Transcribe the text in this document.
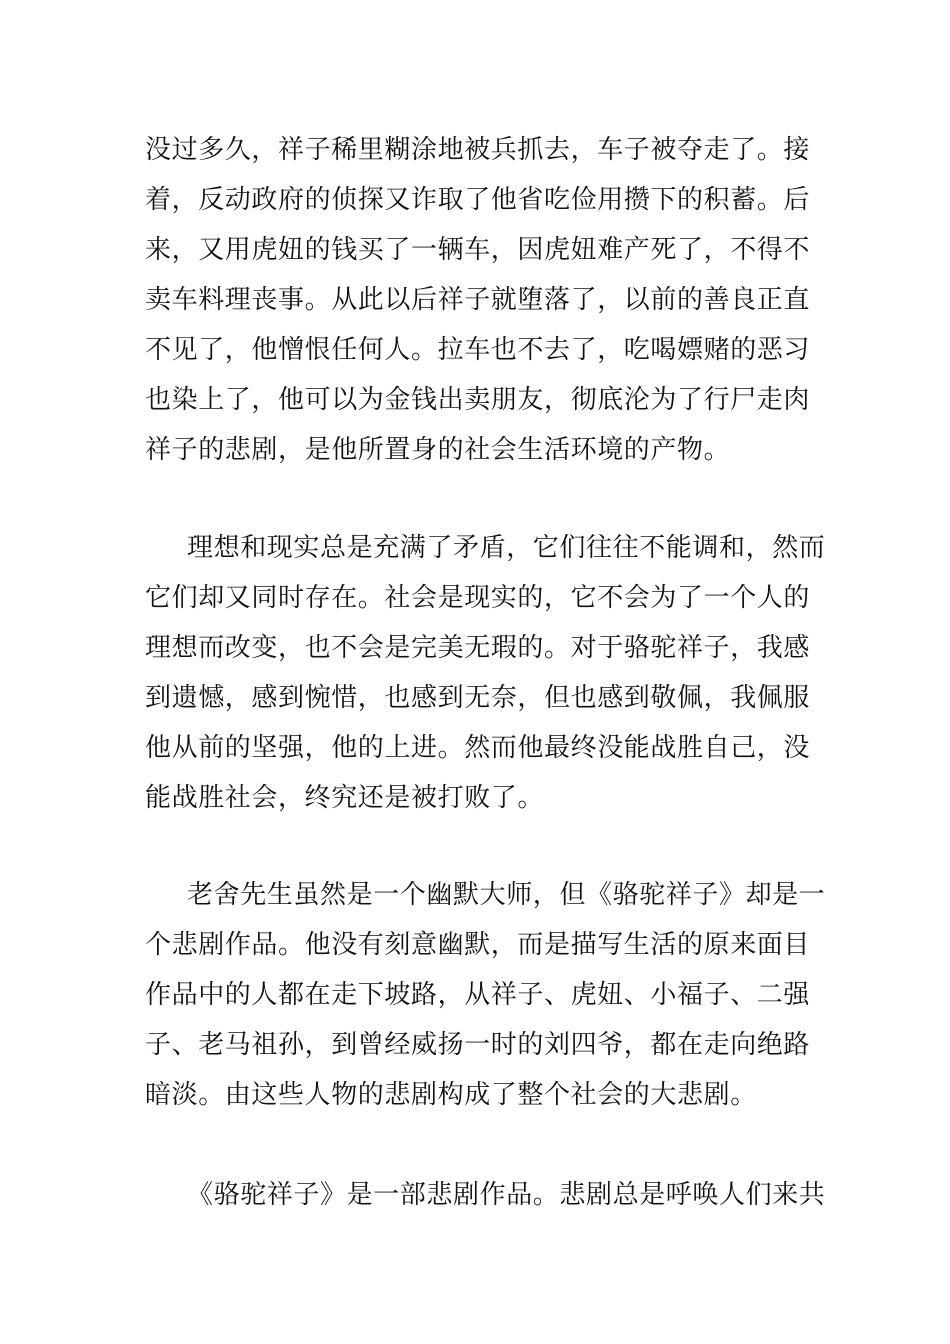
没过多久，祥子稀里糊涂地被兵抓去，车子被夺走了。接
着，反动政府的侦探又诈取了他省吃俭用攒下的积蓄。后
来，又用虎妞的钱买了一辆车，因虎妞难产死了，不得不
卖车料理丧事。从此以后祥子就堕落了，以前的善良正直
不见了，他憎恨任何人。拉车也不去了，吃喝嫖赌的恶习
也染上了，他可以为金钱出卖朋友，彻底沦为了行尸走肉
祥子的悲剧，是他所置身的社会生活环境的产物。
理想和现实总是充满了矛盾，它们往往不能调和，然而
它们却又同时存在。社会是现实的，它不会为了一个人的
理想而改变，也不会是完美无瑕的。对于骆驼祥子，我感
到遗憾，感到惋惜，也感到无奈，但也感到敬佩，我佩服
他从前的坚强，他的上进。然而他最终没能战胜自己，没
能战胜社会，终究还是被打败了。
老舍先生虽然是一个幽默大师，但《骆驼祥子》却是一
个悲剧作品。他没有刻意幽默，而是描写生活的原来面目
作品中的人都在走下坡路，从祥子、虎妞、小福子、二强
子、老马祖孙，到曾经威扬一时的刘四爷，都在走向绝路
暗淡。由这些人物的悲剧构成了整个社会的大悲剧。
《骆驼祥子》是一部悲剧作品。悲剧总是呼唤人们来共
